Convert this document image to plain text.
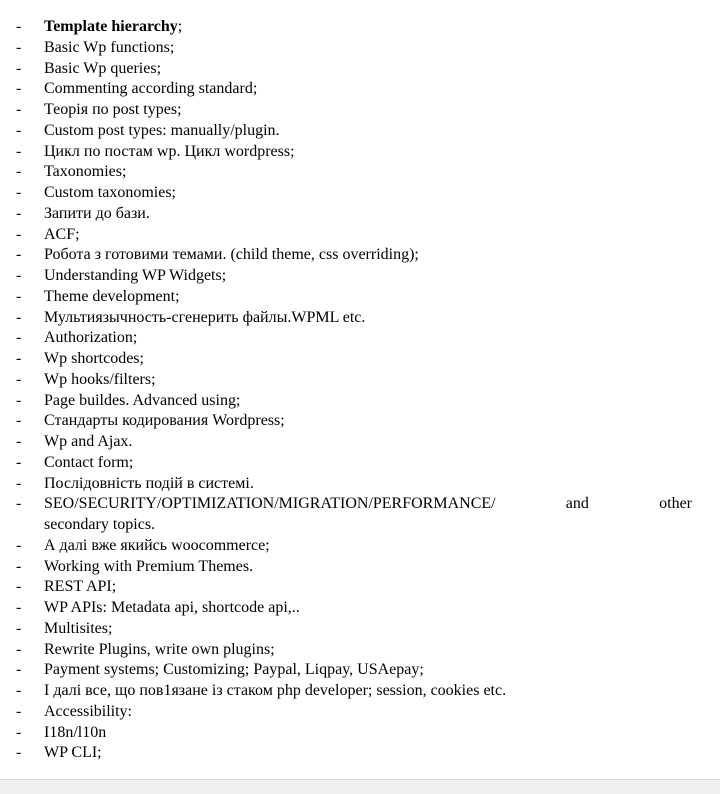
- Template hierarchy;
- Basic Wp functions;
- Basic Wp queries;
- Commenting according standard;
- Теорія по post types;
- Custom post types: manually/plugin.
- Цикл по постам wp. Цикл wordpress;
- Taxonomies;
- Custom taxonomies;
- Запити до бази.
- ACF;
- Робота з готовими темами. (child theme, css overriding);
- Understanding WP Widgets;
- Theme development;
- Мультиязычность-сгенерить файлы.WPML etc.
- Authorization;
- Wp shortcodes;
- Wp hooks/filters;
- Page buildes. Advanced using;
- Стандарты кодирования Wordpress;
- Wp and Ajax.
- Contact form;
- Послідовність подій в системі.
- SEO/SECURITY/OPTIMIZATION/MIGRATION/PERFORMANCE/	and	other
secondary topics.
- А далі вже якийсь woocommerce;
- Working with Premium Themes.
- REST API;
- WP APIs: Metadata api, shortcode api,..
- Multisites;
- Rewrite Plugins, write own plugins;
- Payment systems; Customizing; Paypal, Liqpay, USAepay;
- І далі все, що пов1язане із стаком php developer; session, cookies etc.
- Accessibility:
- I18n/l10n
- WP CLI;
